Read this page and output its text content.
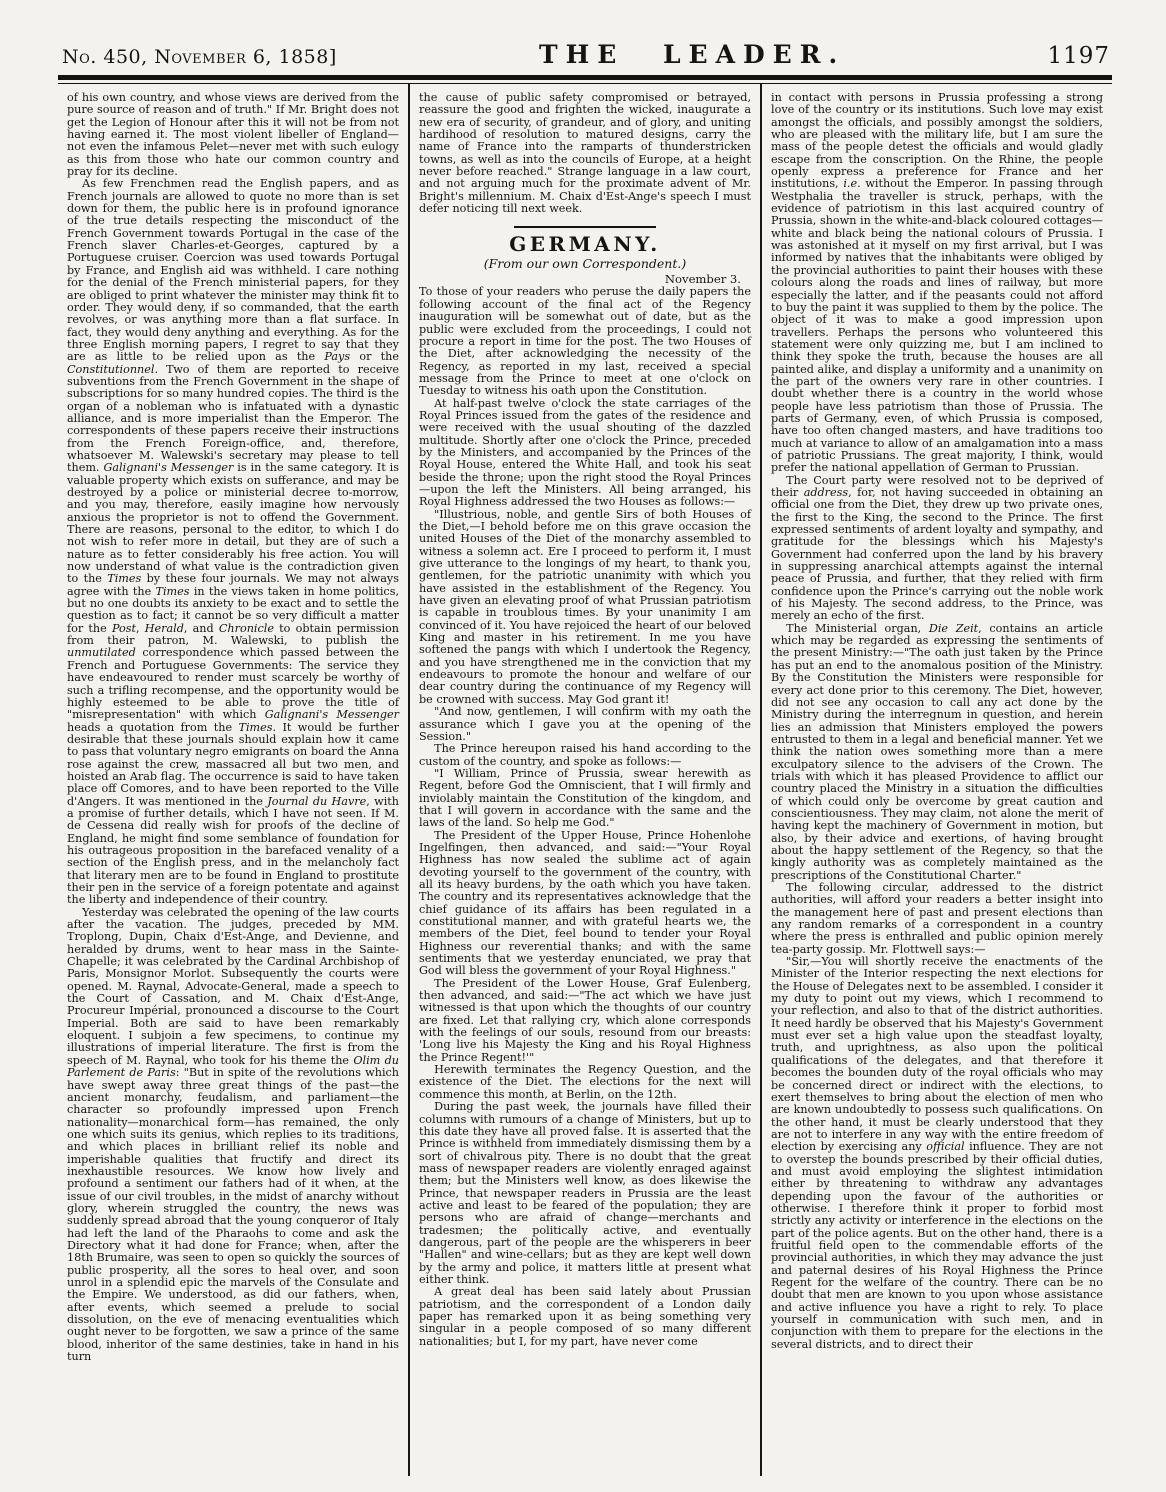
No. 450, November 6, 1858]	THE LEADER.	1197

of his own country, and whose views are derived from the pure source of reason and of truth." If Mr. Bright does not get the Legion of Honour after this it will not be from not having earned it. The most violent libeller of England—not even the infamous Pelet—never met with such eulogy as this from those who hate our common country and pray for its decline.

As few Frenchmen read the English papers, and as French journals are allowed to quote no more than is set down for them, the public here is in profound ignorance of the true details respecting the misconduct of the French Government towards Portugal in the case of the French slaver Charles-et-Georges, captured by a Portuguese cruiser. Coercion was used towards Portugal by France, and English aid was withheld. I care nothing for the denial of the French ministerial papers, for they are obliged to print whatever the minister may think fit to order. They would deny, if so commanded, that the earth revolves, or was anything more than a flat surface. In fact, they would deny anything and everything. As for the three English morning papers, I regret to say that they are as little to be relied upon as the Pays or the Constitutionnel. Two of them are reported to receive subventions from the French Government in the shape of subscriptions for so many hundred copies. The third is the organ of a nobleman who is infatuated with a dynastic alliance, and is more imperialist than the Emperor. The correspondents of these papers receive their instructions from the French Foreign-office, and, therefore, whatsoever M. Walewski's secretary may please to tell them. Galignani's Messenger is in the same category. It is valuable property which exists on sufferance, and may be destroyed by a police or ministerial decree to-morrow, and you may, therefore, easily imagine how nervously anxious the proprietor is not to offend the Government. There are reasons, personal to the editor, to which I do not wish to refer more in detail, but they are of such a nature as to fetter considerably his free action. You will now understand of what value is the contradiction given to the Times by these four journals. We may not always agree with the Times in the views taken in home politics, but no one doubts its anxiety to be exact and to settle the question as to fact; it cannot be so very difficult a matter for the Post, Herald, and Chronicle to obtain permission from their patron, M. Walewski, to publish the unmutilated correspondence which passed between the French and Portuguese Governments: The service they have endeavoured to render must scarcely be worthy of such a trifling recompense, and the opportunity would be highly esteemed to be able to prove the title of "misrepresentation" with which Galignani's Messenger heads a quotation from the Times. It would be further desirable that these journals should explain how it came to pass that voluntary negro emigrants on board the Anna rose against the crew, massacred all but two men, and hoisted an Arab flag. The occurrence is said to have taken place off Comores, and to have been reported to the Ville d'Angers. It was mentioned in the Journal du Havre, with a promise of further details, which I have not seen. If M. de Cessena did really wish for proofs of the decline of England, he might find some semblance of foundation for his outrageous proposition in the barefaced venality of a section of the English press, and in the melancholy fact that literary men are to be found in England to prostitute their pen in the service of a foreign potentate and against the liberty and independence of their country.

Yesterday was celebrated the opening of the law courts after the vacation. The judges, preceded by MM. Troplong, Dupin, Chaix d'Est-Ange, and Devienne, and heralded by drums, went to hear mass in the Sainte-Chapelle; it was celebrated by the Cardinal Archbishop of Paris, Monsignor Morlot. Subsequently the courts were opened. M. Raynal, Advocate-General, made a speech to the Court of Cassation, and M. Chaix d'Est-Ange, Procureur Impérial, pronounced a discourse to the Court Imperial. Both are said to have been remarkably eloquent. I subjoin a few specimens, to continue my illustrations of imperial literature. The first is from the speech of M. Raynal, who took for his theme the Olim du Parlement de Paris: "But in spite of the revolutions which have swept away three great things of the past—the ancient monarchy, feudalism, and parliament—the character so profoundly impressed upon French nationality—monarchical form—has remained, the only one which suits its genius, which replies to its traditions, and which places in brilliant relief its noble and imperishable qualities that fructify and direct its inexhaustible resources. We know how lively and profound a sentiment our fathers had of it when, at the issue of our civil troubles, in the midst of anarchy without glory, wherein struggled the country, the news was suddenly spread abroad that the young conqueror of Italy had left the land of the Pharaohs to come and ask the Directory what it had done for France; when, after the 18th Brumaire, was seen to open so quickly the sources of public prosperity, all the sores to heal over, and soon unrol in a splendid epic the marvels of the Consulate and the Empire. We understood, as did our fathers, when, after events, which seemed a prelude to social dissolution, on the eve of menacing eventualities which ought never to be forgotten, we saw a prince of the same blood, inheritor of the same destinies, take in hand in his turn

the cause of public safety compromised or betrayed, reassure the good and frighten the wicked, inaugurate a new era of security, of grandeur, and of glory, and uniting hardihood of resolution to matured designs, carry the name of France into the ramparts of thunderstricken towns, as well as into the councils of Europe, at a height never before reached." Strange language in a law court, and not arguing much for the proximate advent of Mr. Bright's millennium. M. Chaix d'Est-Ange's speech I must defer noticing till next week.

GERMANY.
(From our own Correspondent.)
November 3.

To those of your readers who peruse the daily papers the following account of the final act of the Regency inauguration will be somewhat out of date, but as the public were excluded from the proceedings, I could not procure a report in time for the post. The two Houses of the Diet, after acknowledging the necessity of the Regency, as reported in my last, received a special message from the Prince to meet at one o'clock on Tuesday to witness his oath upon the Constitution.

At half-past twelve o'clock the state carriages of the Royal Princes issued from the gates of the residence and were received with the usual shouting of the dazzled multitude. Shortly after one o'clock the Prince, preceded by the Ministers, and accompanied by the Princes of the Royal House, entered the White Hall, and took his seat beside the throne; upon the right stood the Royal Princes—upon the left the Ministers. All being arranged, his Royal Highness addressed the two Houses as follows:—

"Illustrious, noble, and gentle Sirs of both Houses of the Diet,—I behold before me on this grave occasion the united Houses of the Diet of the monarchy assembled to witness a solemn act. Ere I proceed to perform it, I must give utterance to the longings of my heart, to thank you, gentlemen, for the patriotic unanimity with which you have assisted in the establishment of the Regency. You have given an elevating proof of what Prussian patriotism is capable in troublous times. By your unanimity I am convinced of it. You have rejoiced the heart of our beloved King and master in his retirement. In me you have softened the pangs with which I undertook the Regency, and you have strengthened me in the conviction that my endeavours to promote the honour and welfare of our dear country during the continuance of my Regency will be crowned with success. May God grant it!

"And now, gentlemen, I will confirm with my oath the assurance which I gave you at the opening of the Session."

The Prince hereupon raised his hand according to the custom of the country, and spoke as follows:—

"I William, Prince of Prussia, swear herewith as Regent, before God the Omniscient, that I will firmly and inviolably maintain the Constitution of the kingdom, and that I will govern in accordance with the same and the laws of the land. So help me God."

The President of the Upper House, Prince Hohenlohe Ingelfingen, then advanced, and said:—"Your Royal Highness has now sealed the sublime act of again devoting yourself to the government of the country, with all its heavy burdens, by the oath which you have taken. The country and its representatives acknowledge that the chief guidance of its affairs has been regulated in a constitutional manner, and with grateful hearts we, the members of the Diet, feel bound to tender your Royal Highness our reverential thanks; and with the same sentiments that we yesterday enunciated, we pray that God will bless the government of your Royal Highness."

The President of the Lower House, Graf Eulenberg, then advanced, and said:—"The act which we have just witnessed is that upon which the thoughts of our country are fixed. Let that rallying cry, which alone corresponds with the feelings of our souls, resound from our breasts: 'Long live his Majesty the King and his Royal Highness the Prince Regent!'"

Herewith terminates the Regency Question, and the existence of the Diet. The elections for the next will commence this month, at Berlin, on the 12th.

During the past week, the journals have filled their columns with rumours of a change of Ministers, but up to this date they have all proved false. It is asserted that the Prince is withheld from immediately dismissing them by a sort of chivalrous pity. There is no doubt that the great mass of newspaper readers are violently enraged against them; but the Ministers well know, as does likewise the Prince, that newspaper readers in Prussia are the least active and least to be feared of the population; they are persons who are afraid of change—merchants and tradesmen; the politically active, and eventually dangerous, part of the people are the whisperers in beer "Hallen" and wine-cellars; but as they are kept well down by the army and police, it matters little at present what either think.

A great deal has been said lately about Prussian patriotism, and the correspondent of a London daily paper has remarked upon it as being something very singular in a people composed of so many different nationalities; but I, for my part, have never come

in contact with persons in Prussia professing a strong love of the country or its institutions. Such love may exist amongst the officials, and possibly amongst the soldiers, who are pleased with the military life, but I am sure the mass of the people detest the officials and would gladly escape from the conscription. On the Rhine, the people openly express a preference for France and her institutions, i.e. without the Emperor. In passing through Westphalia the traveller is struck, perhaps, with the evidence of patriotism in this last acquired country of Prussia, shown in the white-and-black coloured cottages—white and black being the national colours of Prussia. I was astonished at it myself on my first arrival, but I was informed by natives that the inhabitants were obliged by the provincial authorities to paint their houses with these colours along the roads and lines of railway, but more especially the latter, and if the peasants could not afford to buy the paint it was supplied to them by the police. The object of it was to make a good impression upon travellers. Perhaps the persons who volunteered this statement were only quizzing me, but I am inclined to think they spoke the truth, because the houses are all painted alike, and display a uniformity and a unanimity on the part of the owners very rare in other countries. I doubt whether there is a country in the world whose people have less patriotism than those of Prussia. The parts of Germany, even, of which Prussia is composed, have too often changed masters, and have traditions too much at variance to allow of an amalgamation into a mass of patriotic Prussians. The great majority, I think, would prefer the national appellation of German to Prussian.

The Court party were resolved not to be deprived of their address, for, not having succeeded in obtaining an official one from the Diet, they drew up two private ones, the first to the King, the second to the Prince. The first expressed sentiments of ardent loyalty and sympathy, and gratitude for the blessings which his Majesty's Government had conferred upon the land by his bravery in suppressing anarchical attempts against the internal peace of Prussia, and further, that they relied with firm confidence upon the Prince's carrying out the noble work of his Majesty. The second address, to the Prince, was merely an echo of the first.

The Ministerial organ, Die Zeit, contains an article which may be regarded as expressing the sentiments of the present Ministry:—"The oath just taken by the Prince has put an end to the anomalous position of the Ministry. By the Constitution the Ministers were responsible for every act done prior to this ceremony. The Diet, however, did not see any occasion to call any act done by the Ministry during the interregnum in question, and herein lies an admission that Ministers employed the powers entrusted to them in a legal and beneficial manner. Yet we think the nation owes something more than a mere exculpatory silence to the advisers of the Crown. The trials with which it has pleased Providence to afflict our country placed the Ministry in a situation the difficulties of which could only be overcome by great caution and conscientiousness. They may claim, not alone the merit of having kept the machinery of Government in motion, but also, by their advice and exertions, of having brought about the happy settlement of the Regency, so that the kingly authority was as completely maintained as the prescriptions of the Constitutional Charter."

The following circular, addressed to the district authorities, will afford your readers a better insight into the management here of past and present elections than any random remarks of a correspondent in a country where the press is enthralled and public opinion merely tea-party gossip. Mr. Flottwell says:—

"Sir,—You will shortly receive the enactments of the Minister of the Interior respecting the next elections for the House of Delegates next to be assembled. I consider it my duty to point out my views, which I recommend to your reflection, and also to that of the district authorities. It need hardly be observed that his Majesty's Government must ever set a high value upon the steadfast loyalty, truth, and uprightness, as also upon the political qualifications of the delegates, and that therefore it becomes the bounden duty of the royal officials who may be concerned direct or indirect with the elections, to exert themselves to bring about the election of men who are known undoubtedly to possess such qualifications. On the other hand, it must be clearly understood that they are not to interfere in any way with the entire freedom of election by exercising any official influence. They are not to overstep the bounds prescribed by their official duties, and must avoid employing the slightest intimidation either by threatening to withdraw any advantages depending upon the favour of the authorities or otherwise. I therefore think it proper to forbid most strictly any activity or interference in the elections on the part of the police agents. But on the other hand, there is a fruitful field open to the commendable efforts of the provincial authorities, in which they may advance the just and paternal desires of his Royal Highness the Prince Regent for the welfare of the country. There can be no doubt that men are known to you upon whose assistance and active influence you have a right to rely. To place yourself in communication with such men, and in conjunction with them to prepare for the elections in the several districts, and to direct their
